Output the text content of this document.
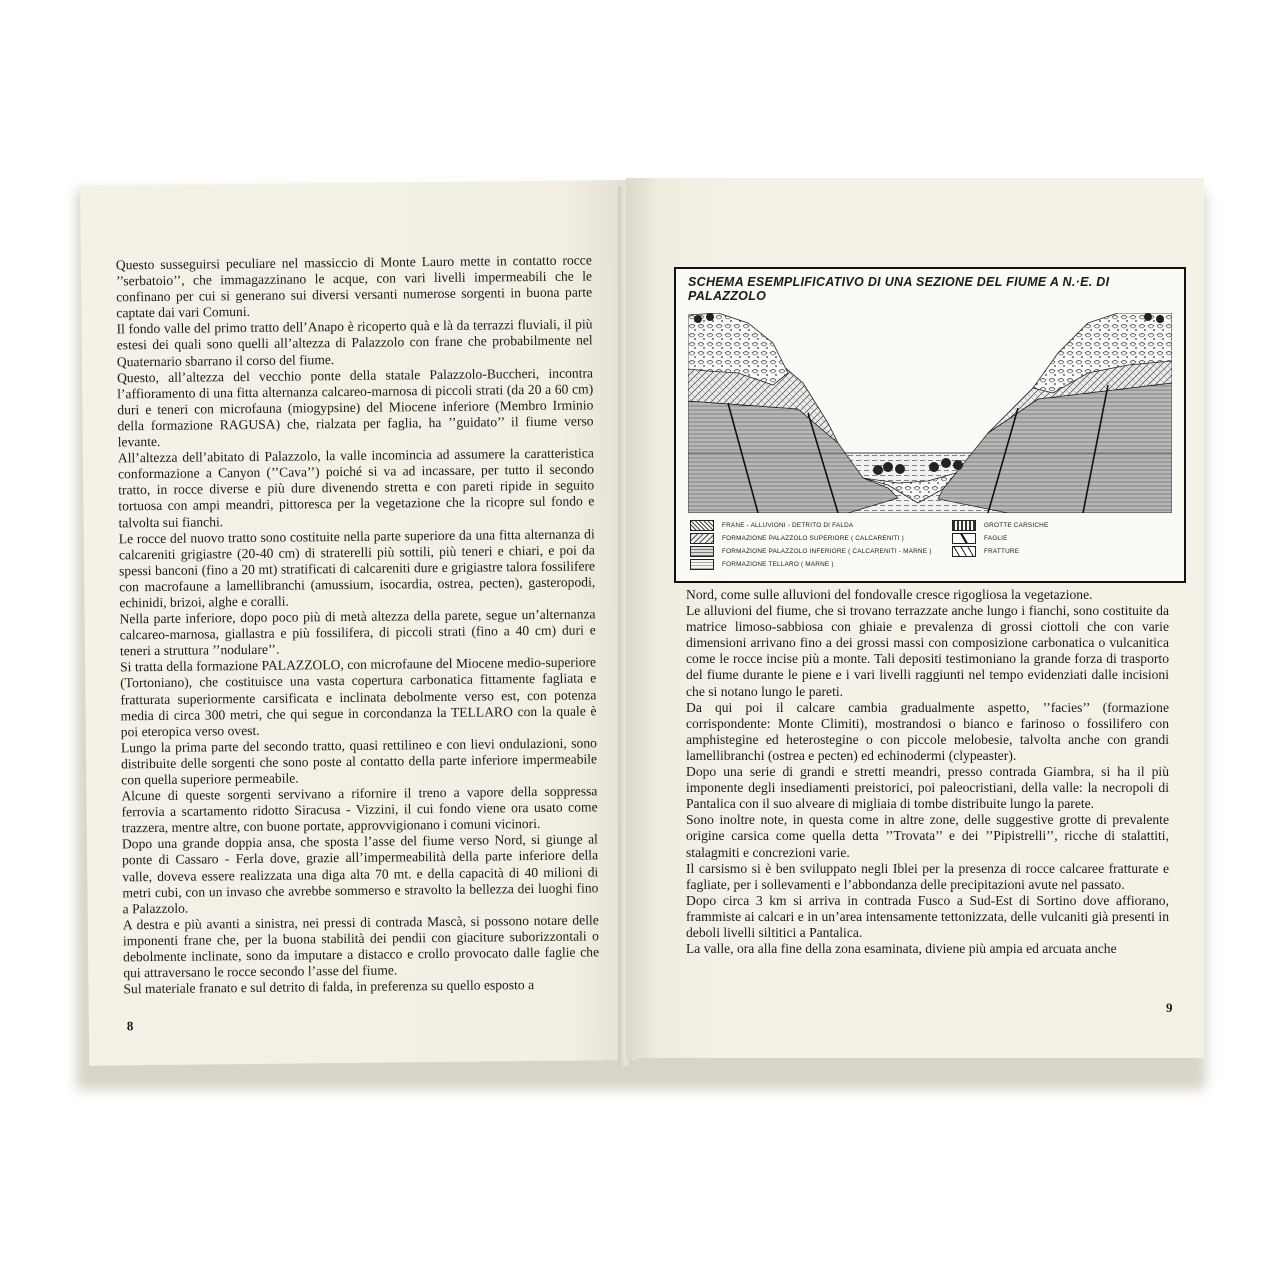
Questo susseguirsi peculiare nel massiccio di Monte Lauro mette in contatto rocce ’’serbatoio’’, che immagazzinano le acque, con vari livelli impermeabili che le confinano per cui si generano sui diversi versanti numerose sorgenti in buona parte captate dai vari Comuni.

Il fondo valle del primo tratto dell’Anapo è ricoperto quà e là da terrazzi fluviali, il più estesi dei quali sono quelli all’altezza di Palazzolo con frane che probabilmente nel Quaternario sbarrano il corso del fiume.

Questo, all’altezza del vecchio ponte della statale Palazzolo-Buccheri, incontra l’affioramento di una fitta alternanza calcareo-marnosa di piccoli strati (da 20 a 60 cm) duri e teneri con microfauna (miogypsine) del Miocene inferiore (Membro Irminio della formazione RAGUSA) che, rialzata per faglia, ha ’’guidato’’ il fiume verso levante.

All’altezza dell’abitato di Palazzolo, la valle incomincia ad assumere la caratteristica conformazione a Canyon (’’Cava’’) poiché si va ad incassare, per tutto il secondo tratto, in rocce diverse e più dure divenendo stretta e con pareti ripide in seguito tortuosa con ampi meandri, pittoresca per la vegetazione che la ricopre sul fondo e talvolta sui fianchi.

Le rocce del nuovo tratto sono costituite nella parte superiore da una fitta alternanza di calcareniti grigiastre (20-40 cm) di straterelli più sottili, più teneri e chiari, e poi da spessi banconi (fino a 20 mt) stratificati di calcareniti dure e grigiastre talora fossilifere con macrofaune a lamellibranchi (amussium, isocardia, ostrea, pecten), gasteropodi, echinidi, brizoi, alghe e coralli.

Nella parte inferiore, dopo poco più di metà altezza della parete, segue un’alternanza calcareo-marnosa, giallastra e più fossilifera, di piccoli strati (fino a 40 cm) duri e teneri a struttura ’’nodulare’’.

Si tratta della formazione PALAZZOLO, con microfaune del Miocene medio-superiore (Tortoniano), che costituisce una vasta copertura carbonatica fittamente fagliata e fratturata superiormente carsificata e inclinata debolmente verso est, con potenza media di circa 300 metri, che qui segue in corcondanza la TELLARO con la quale è poi eteropica verso ovest.

Lungo la prima parte del secondo tratto, quasi rettilineo e con lievi ondulazioni, sono distribuite delle sorgenti che sono poste al contatto della parte inferiore impermeabile con quella superiore permeabile.

Alcune di queste sorgenti servivano a rifornire il treno a vapore della soppressa ferrovia a scartamento ridotto Siracusa - Vizzini, il cui fondo viene ora usato come trazzera, mentre altre, con buone portate, approvvigionano i comuni vicinori.

Dopo una grande doppia ansa, che sposta l’asse del fiume verso Nord, si giunge al ponte di Cassaro - Ferla dove, grazie all’impermeabilità della parte inferiore della valle, doveva essere realizzata una diga alta 70 mt. e della capacità di 40 milioni di metri cubi, con un invaso che avrebbe sommerso e stravolto la bellezza dei luoghi fino a Palazzolo.

A destra e più avanti a sinistra, nei pressi di contrada Mascà, si possono notare delle imponenti frane che, per la buona stabilità dei pendii con giaciture suborizzontali o debolmente inclinate, sono da imputare a distacco e crollo provocato dalle faglie che qui attraversano le rocce secondo l’asse del fiume.

Sul materiale franato e sul detrito di falda, in preferenza su quello esposto a

8
SCHEMA ESEMPLIFICATIVO DI UNA SEZIONE DEL FIUME A N.·E. DI PALAZZOLO
FRANE - ALLUVIONI - DETRITO DI FALDA
FORMAZIONE PALAZZOLO SUPERIORE ( CALCARENITI )
FORMAZIONE PALAZZOLO INFERIORE ( CALCARENITI - MARNE )
FORMAZIONE TELLARO ( MARNE )
GROTTE CARSICHE
FAGLIE
FRATTURE

Nord, come sulle alluvioni del fondovalle cresce rigogliosa la vegetazione.

Le alluvioni del fiume, che si trovano terrazzate anche lungo i fianchi, sono costituite da matrice limoso-sabbiosa con ghiaie e prevalenza di grossi ciottoli che con varie dimensioni arrivano fino a dei grossi massi con composizione carbonatica o vulcanitica come le rocce incise più a monte. Tali depositi testimoniano la grande forza di trasporto del fiume durante le piene e i vari livelli raggiunti nel tempo evidenziati dalle incisioni che si notano lungo le pareti.

Da qui poi il calcare cambia gradualmente aspetto, ’’facies’’ (formazione corrispondente: Monte Climiti), mostrandosi o bianco e farinoso o fossilifero con amphistegine ed heterostegine o con piccole melobesie, talvolta anche con grandi lamellibranchi (ostrea e pecten) ed echinodermi (clypeaster).

Dopo una serie di grandi e stretti meandri, presso contrada Giambra, si ha il più imponente degli insediamenti preistorici, poi paleocristiani, della valle: la necropoli di Pantalica con il suo alveare di migliaia di tombe distribuite lungo la parete.

Sono inoltre note, in questa come in altre zone, delle suggestive grotte di prevalente origine carsica come quella detta ’’Trovata’’ e dei ’’Pipistrelli’’, ricche di stalattiti, stalagmiti e concrezioni varie.

Il carsismo si è ben sviluppato negli Iblei per la presenza di rocce calcaree fratturate e fagliate, per i sollevamenti e l’abbondanza delle precipitazioni avute nel passato.

Dopo circa 3 km si arriva in contrada Fusco a Sud-Est di Sortino dove affiorano, frammiste ai calcari e in un’area intensamente tettonizzata, delle vulcaniti già presenti in deboli livelli siltitici a Pantalica.

La valle, ora alla fine della zona esaminata, diviene più ampia ed arcuata anche

9
